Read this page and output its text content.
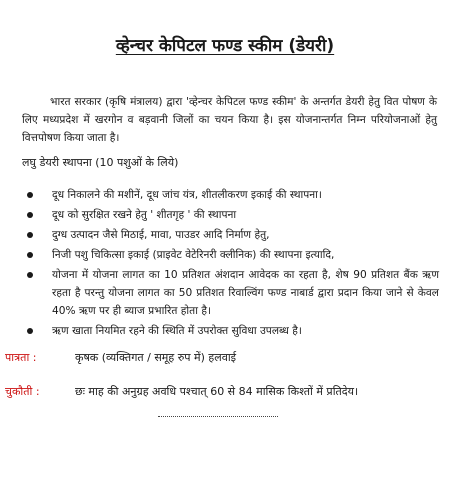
व्हेन्चर केपिटल फण्ड स्कीम (डेयरी)

भारत सरकार (कृषि मंत्रालय) द्वारा 'व्हेन्चर केपिटल फण्ड स्कीम' के अन्तर्गत डेयरी हेतु वित पोषण के लिए मध्यप्रदेश में खरगोन व बड़वानी जिलों का चयन किया है। इस योजनान्तर्गत निम्न परियोजनाओं हेतु वित्तपोषण किया जाता है।

लघु डेयरी स्थापना (10 पशुओं के लिये)

दूध निकालने की मशीनें, दूध जांच यंत्र, शीतलीकरण इकाई की स्थापना।
दूध को सुरक्षित रखने हेतु ' शीतगृह ' की स्थापना
दुग्ध उत्पादन जैसे मिठाई, मावा, पाउडर आदि निर्माण हेतु,
निजी पशु चिकित्सा इकाई (प्राइवेट वेटेरिनरी क्लीनिक) की स्थापना इत्यादि,
योजना में योजना लागत का 10 प्रतिशत अंशदान आवेदक का रहता है, शेष 90 प्रतिशत बैंक ऋण रहता है परन्तु योजना लागत का 50 प्रतिशत रिवाल्विंग फण्ड नाबार्ड द्वारा प्रदान किया जाने से केवल 40% ऋण पर ही ब्याज प्रभारित होता है।
ऋण खाता नियमित रहने की स्थिति में उपरोक्त सुविधा उपलब्ध है।

पात्रता :	कृषक (व्यक्तिगत / समूह रुप में) हलवाई

चुकौती :	छः माह की अनुग्रह अवधि पश्चात् 60 से 84 मासिक किश्तों में प्रतिदेय।
